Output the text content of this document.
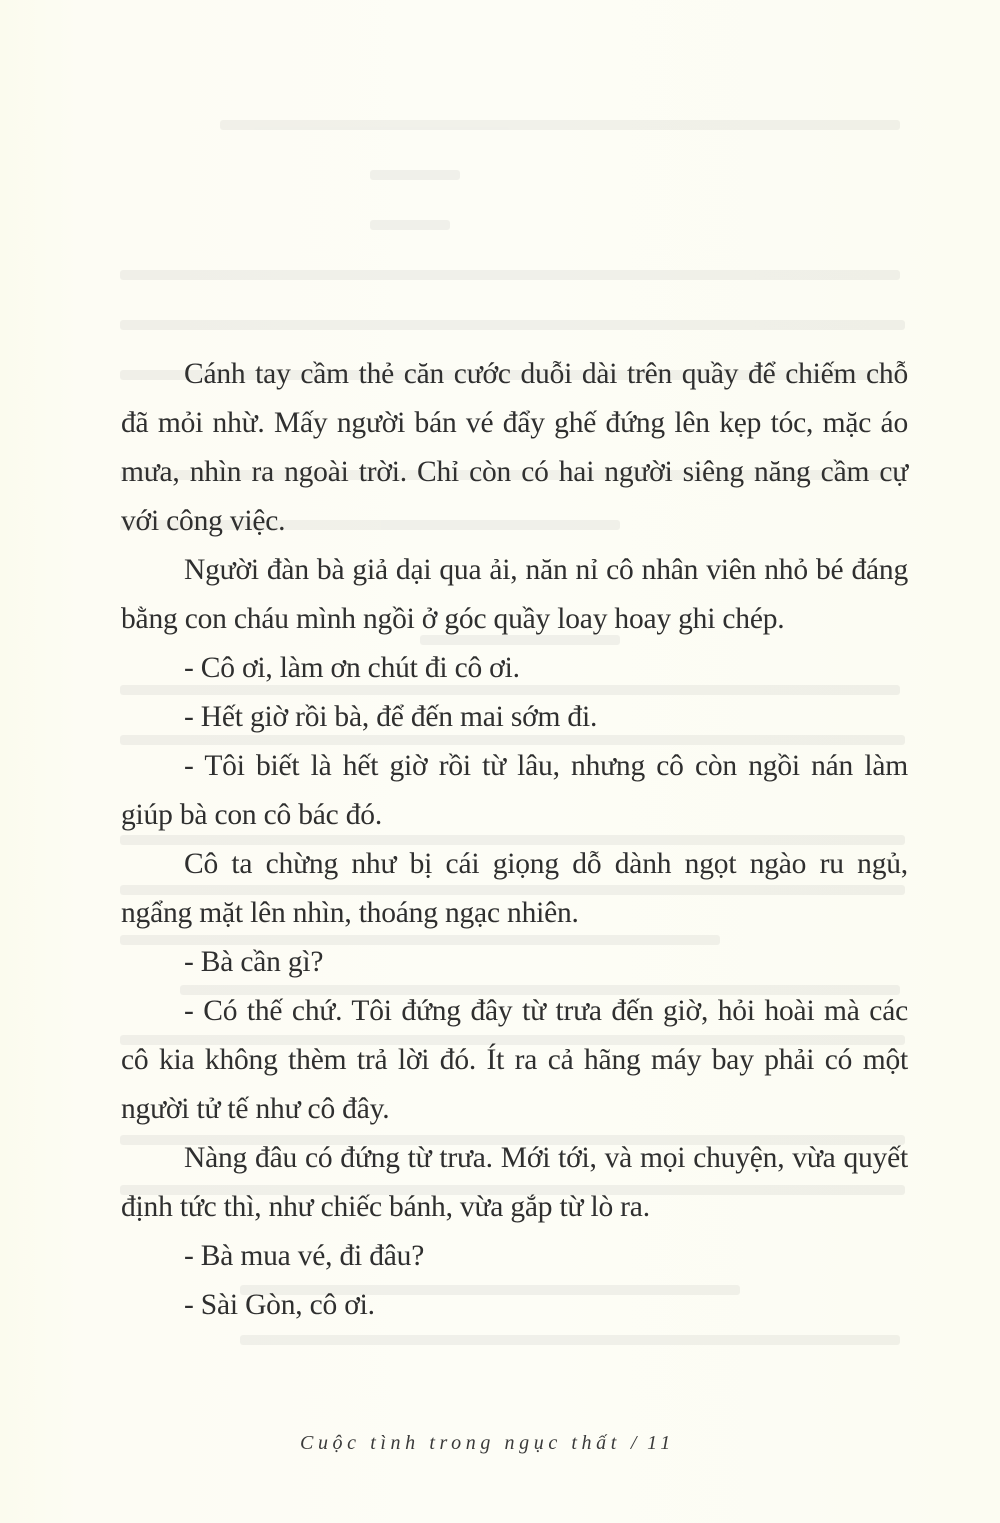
Cánh tay cầm thẻ căn cước duỗi dài trên quầy để chiếm chỗ đã mỏi nhừ. Mấy người bán vé đẩy ghế đứng lên kẹp tóc, mặc áo mưa, nhìn ra ngoài trời. Chỉ còn có hai người siêng năng cầm cự với công việc.

Người đàn bà giả dại qua ải, năn nỉ cô nhân viên nhỏ bé đáng bằng con cháu mình ngồi ở góc quầy loay hoay ghi chép.

- Cô ơi, làm ơn chút đi cô ơi.

- Hết giờ rồi bà, để đến mai sớm đi.

- Tôi biết là hết giờ rồi từ lâu, nhưng cô còn ngồi nán làm giúp bà con cô bác đó.

Cô ta chừng như bị cái giọng dỗ dành ngọt ngào ru ngủ, ngẩng mặt lên nhìn, thoáng ngạc nhiên.

- Bà cần gì?

- Có thế chứ. Tôi đứng đây từ trưa đến giờ, hỏi hoài mà các cô kia không thèm trả lời đó. Ít ra cả hãng máy bay phải có một người tử tế như cô đây.

Nàng đâu có đứng từ trưa. Mới tới, và mọi chuyện, vừa quyết định tức thì, như chiếc bánh, vừa gắp từ lò ra.

- Bà mua vé, đi đâu?

- Sài Gòn, cô ơi.

Cuộc tình trong ngục thất / 11
